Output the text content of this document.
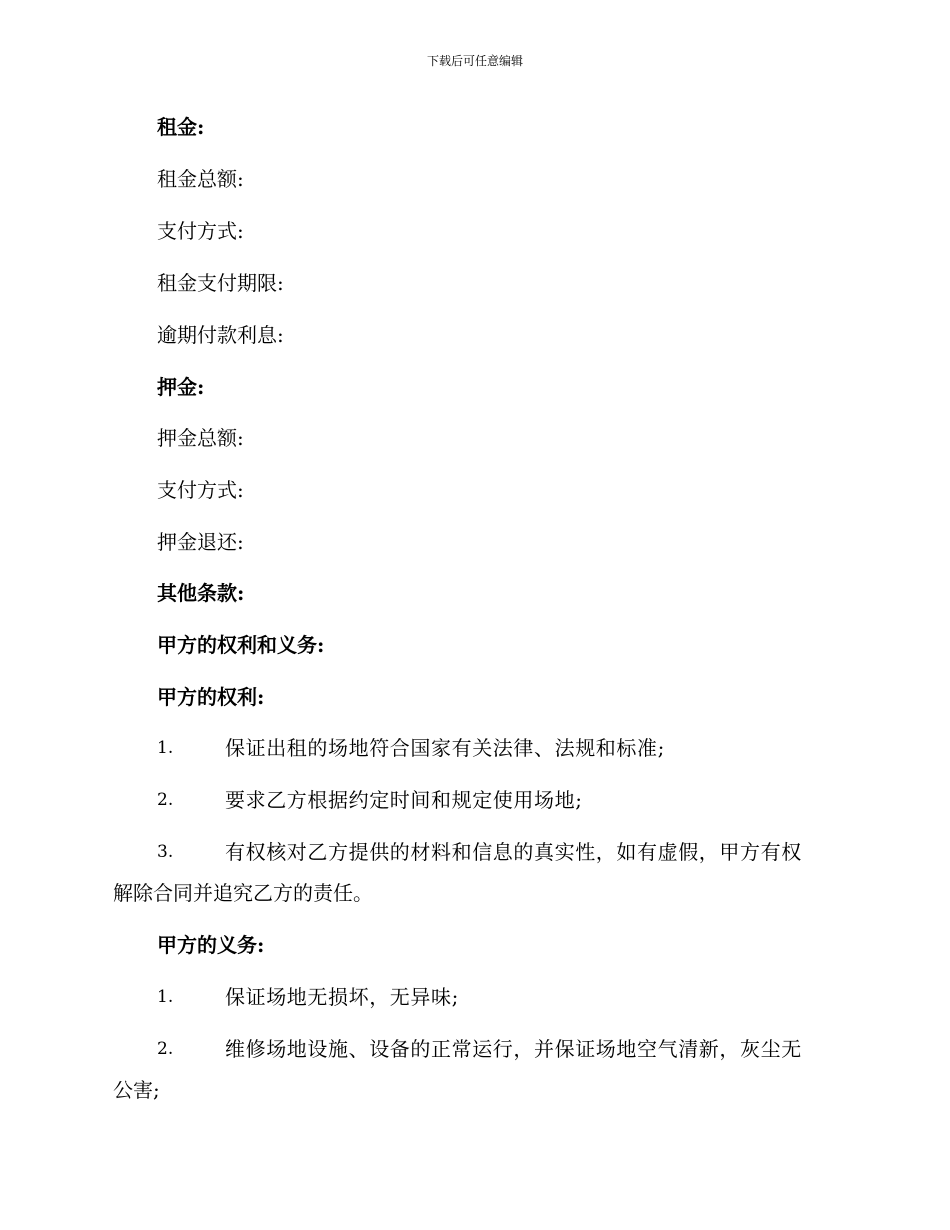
下载后可任意编辑
租金:
租金总额:
支付方式:
租金支付期限:
逾期付款利息:
押金:
押金总额:
支付方式:
押金退还:
其他条款:
甲方的权利和义务:
甲方的权利:
1.	保证出租的场地符合国家有关法律、法规和标准;
2.	要求乙方根据约定时间和规定使用场地;
3.	有权核对乙方提供的材料和信息的真实性，如有虚假，甲方有权
解除合同并追究乙方的责任。
甲方的义务:
1.	保证场地无损坏，无异味;
2.	维修场地设施、设备的正常运行，并保证场地空气清新，灰尘无
公害;
